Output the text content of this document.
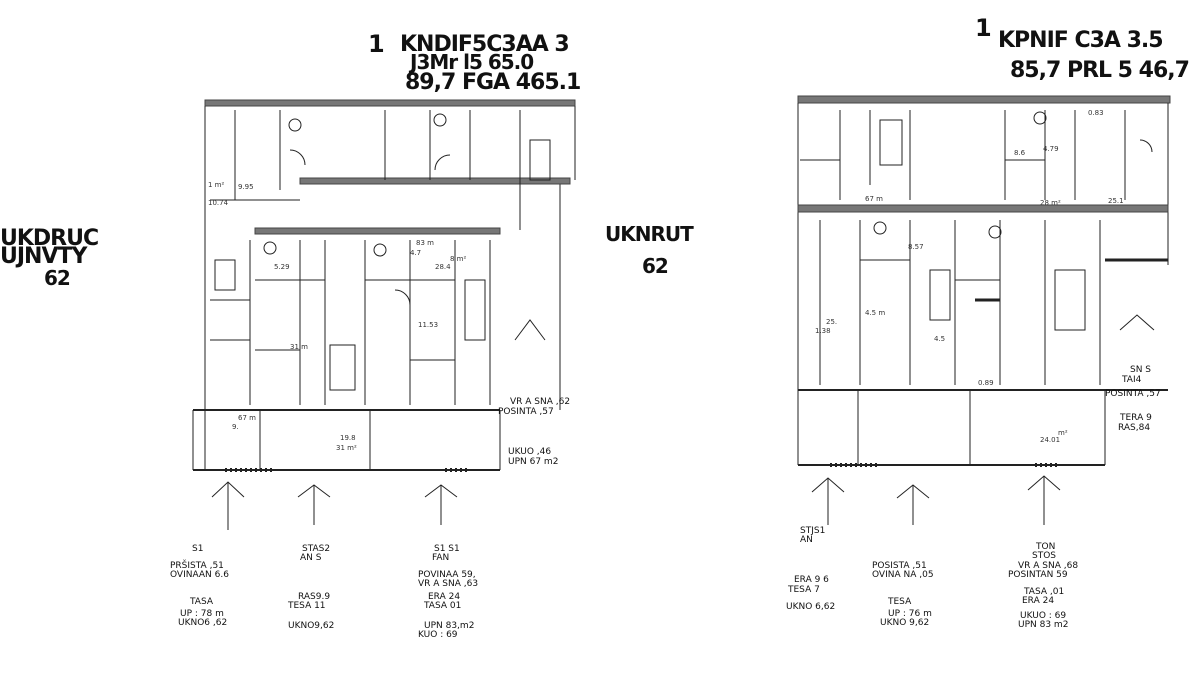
1 KNDIF5C3AA 3
J3Mr l5 65.0
89,7 FGA 465.1
UKDRUC
UJNVTY
62
9.95
10.74
1 m²
5.29
11.53
28.4
4.7
83 m
8 m²
31 m
67 m
9.
19.8
31 m²
VR A SNA ,62
POSINTA ,57
UKUO ,46
UPN 67 m2
S1
PRŠISTA ,51
OVINAAN 6.6
TASA
UP : 78 m
UKNO6 ,62
STAS2
AN S
RAS9.9
TESA 11
UKNO9,62
S1 S1
FAN
POVINAA 59,
VR A SNA ,63
ERA 24
TASA 01
UPN 83,m2
KUO : 69
1 KPNIF C3A 3.5
85,7 PRL 5 46,7
UKNRUT
62
0.83
4.79
8.6
28 m²
67 m	25.1
1.38
25.
4.5
4.5 m
0.89
24.01
m²
8.57
SN S
TAI4
POSINTA ,57
TERA 9
RAS,84
STJS1
AN
ERA 9 6
TESA 7
UKNO 6,62
POSISTA ,51
OVINA NA ,05
TESA
UP : 76 m
UKNO 9,62
TON
STOS
VR A SNA ,68
POSINTAN 59
TASA ,01
ERA 24
UKUO : 69
UPN 83 m2
